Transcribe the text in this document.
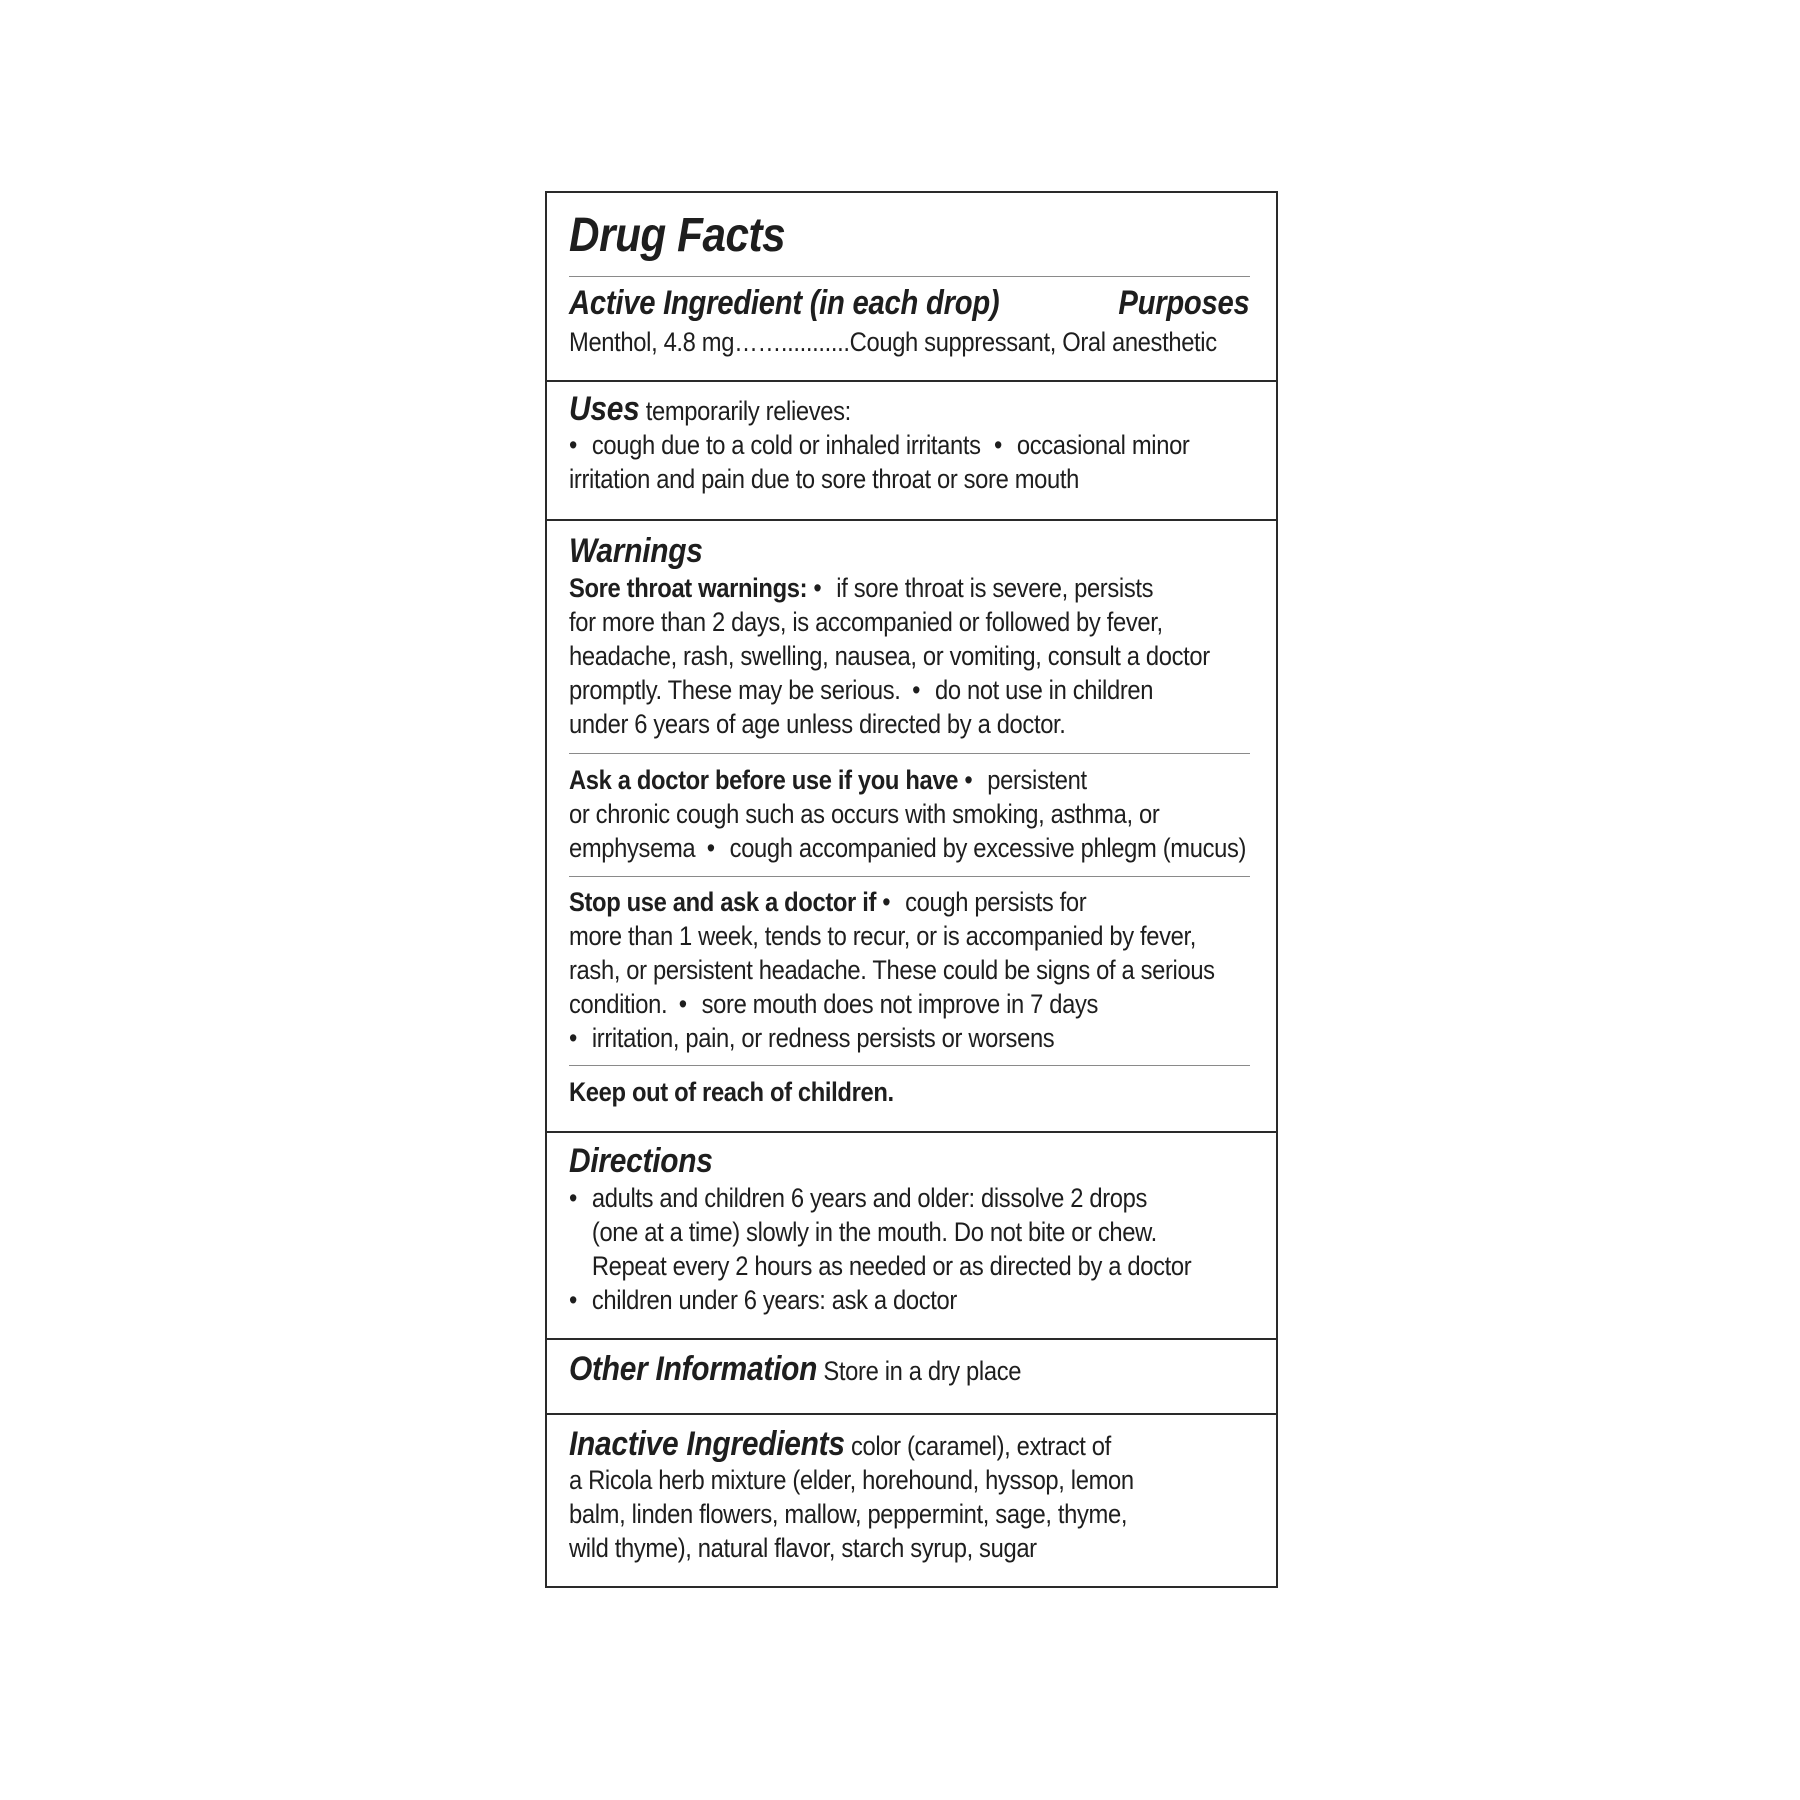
Drug Facts
Active Ingredient (in each drop)	Purposes
Menthol, 4.8 mg……...........Cough suppressant, Oral anesthetic
Uses temporarily relieves:
• cough due to a cold or inhaled irritants • occasional minor
irritation and pain due to sore throat or sore mouth
Warnings
Sore throat warnings: • if sore throat is severe, persists
for more than 2 days, is accompanied or followed by fever,
headache, rash, swelling, nausea, or vomiting, consult a doctor
promptly. These may be serious. • do not use in children
under 6 years of age unless directed by a doctor.
Ask a doctor before use if you have • persistent
or chronic cough such as occurs with smoking, asthma, or
emphysema • cough accompanied by excessive phlegm (mucus)
Stop use and ask a doctor if • cough persists for
more than 1 week, tends to recur, or is accompanied by fever,
rash, or persistent headache. These could be signs of a serious
condition. • sore mouth does not improve in 7 days
• irritation, pain, or redness persists or worsens
Keep out of reach of children.
Directions
• adults and children 6 years and older: dissolve 2 drops
(one at a time) slowly in the mouth. Do not bite or chew.
Repeat every 2 hours as needed or as directed by a doctor
• children under 6 years: ask a doctor
Other Information Store in a dry place
Inactive Ingredients color (caramel), extract of
a Ricola herb mixture (elder, horehound, hyssop, lemon
balm, linden flowers, mallow, peppermint, sage, thyme,
wild thyme), natural flavor, starch syrup, sugar
